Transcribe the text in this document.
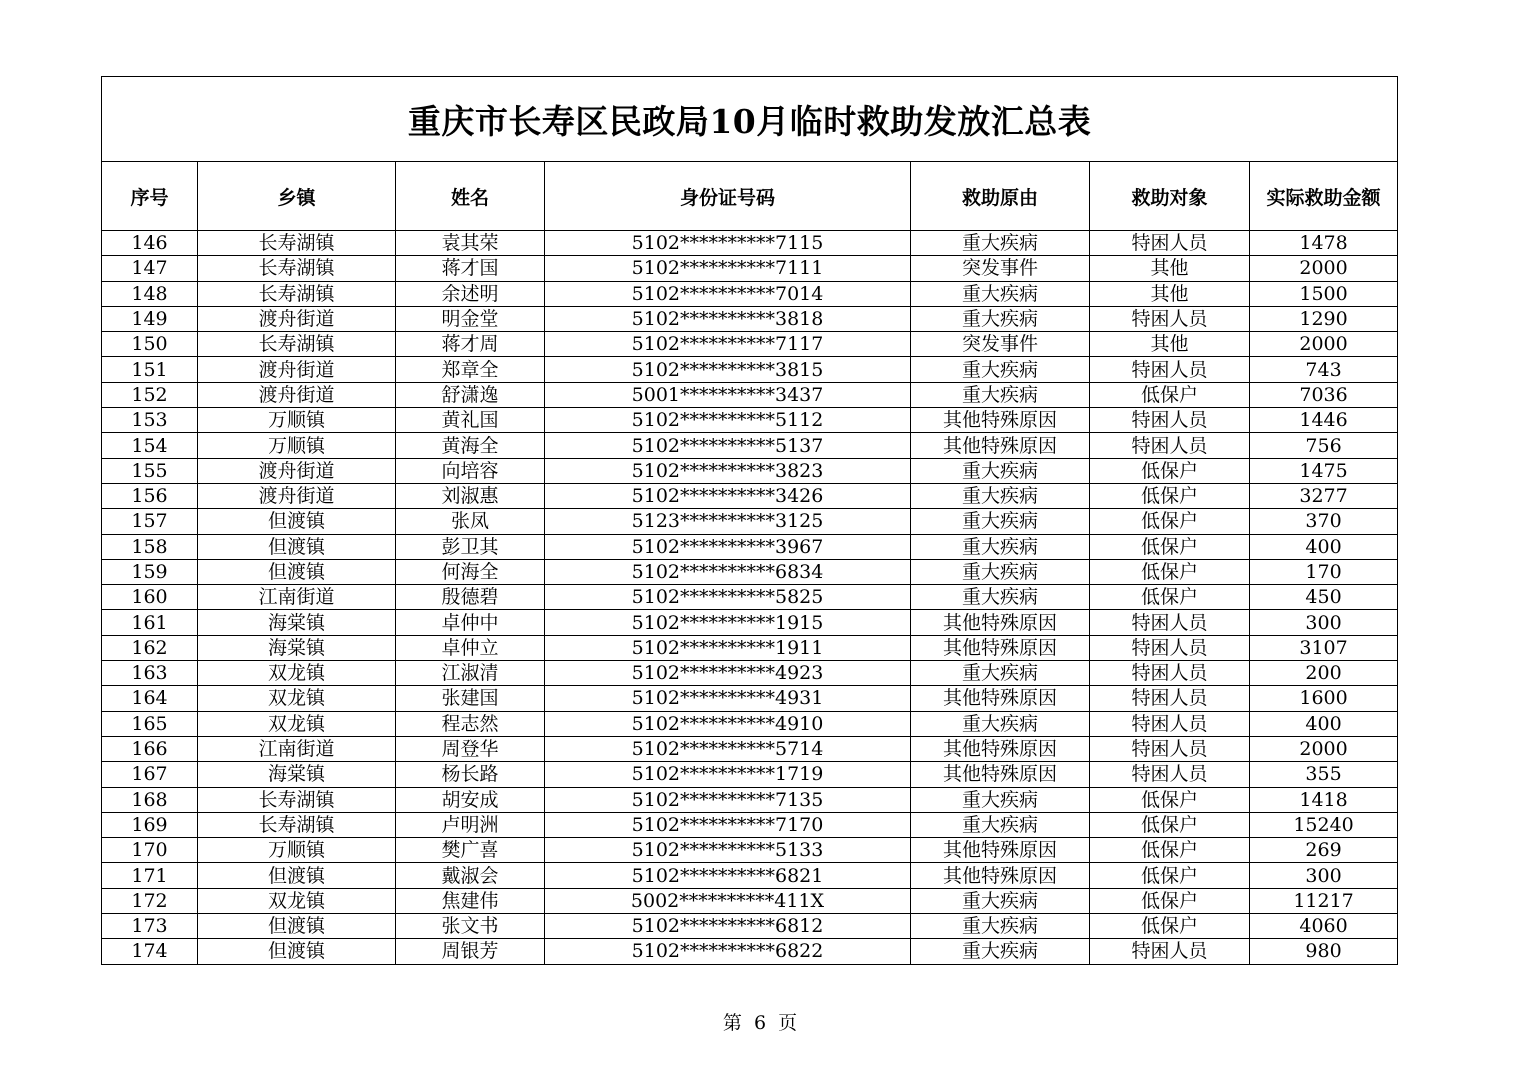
重庆市长寿区民政局10月临时救助发放汇总表						
序号	乡镇	姓名	身份证号码	救助原由	救助对象	实际救助金额
146	长寿湖镇	袁其荣	5102**********7115	重大疾病	特困人员	1478
147	长寿湖镇	蒋才国	5102**********7111	突发事件	其他	2000
148	长寿湖镇	余述明	5102**********7014	重大疾病	其他	1500
149	渡舟街道	明金堂	5102**********3818	重大疾病	特困人员	1290
150	长寿湖镇	蒋才周	5102**********7117	突发事件	其他	2000
151	渡舟街道	郑章全	5102**********3815	重大疾病	特困人员	743
152	渡舟街道	舒潇逸	5001**********3437	重大疾病	低保户	7036
153	万顺镇	黄礼国	5102**********5112	其他特殊原因	特困人员	1446
154	万顺镇	黄海全	5102**********5137	其他特殊原因	特困人员	756
155	渡舟街道	向培容	5102**********3823	重大疾病	低保户	1475
156	渡舟街道	刘淑惠	5102**********3426	重大疾病	低保户	3277
157	但渡镇	张凤	5123**********3125	重大疾病	低保户	370
158	但渡镇	彭卫其	5102**********3967	重大疾病	低保户	400
159	但渡镇	何海全	5102**********6834	重大疾病	低保户	170
160	江南街道	殷德碧	5102**********5825	重大疾病	低保户	450
161	海棠镇	卓仲中	5102**********1915	其他特殊原因	特困人员	300
162	海棠镇	卓仲立	5102**********1911	其他特殊原因	特困人员	3107
163	双龙镇	江淑清	5102**********4923	重大疾病	特困人员	200
164	双龙镇	张建国	5102**********4931	其他特殊原因	特困人员	1600
165	双龙镇	程志然	5102**********4910	重大疾病	特困人员	400
166	江南街道	周登华	5102**********5714	其他特殊原因	特困人员	2000
167	海棠镇	杨长路	5102**********1719	其他特殊原因	特困人员	355
168	长寿湖镇	胡安成	5102**********7135	重大疾病	低保户	1418
169	长寿湖镇	卢明洲	5102**********7170	重大疾病	低保户	15240
170	万顺镇	樊广喜	5102**********5133	其他特殊原因	低保户	269
171	但渡镇	戴淑会	5102**********6821	其他特殊原因	低保户	300
172	双龙镇	焦建伟	5002**********411X	重大疾病	低保户	11217
173	但渡镇	张文书	5102**********6812	重大疾病	低保户	4060
174	但渡镇	周银芳	5102**********6822	重大疾病	特困人员	980
第 6 页
